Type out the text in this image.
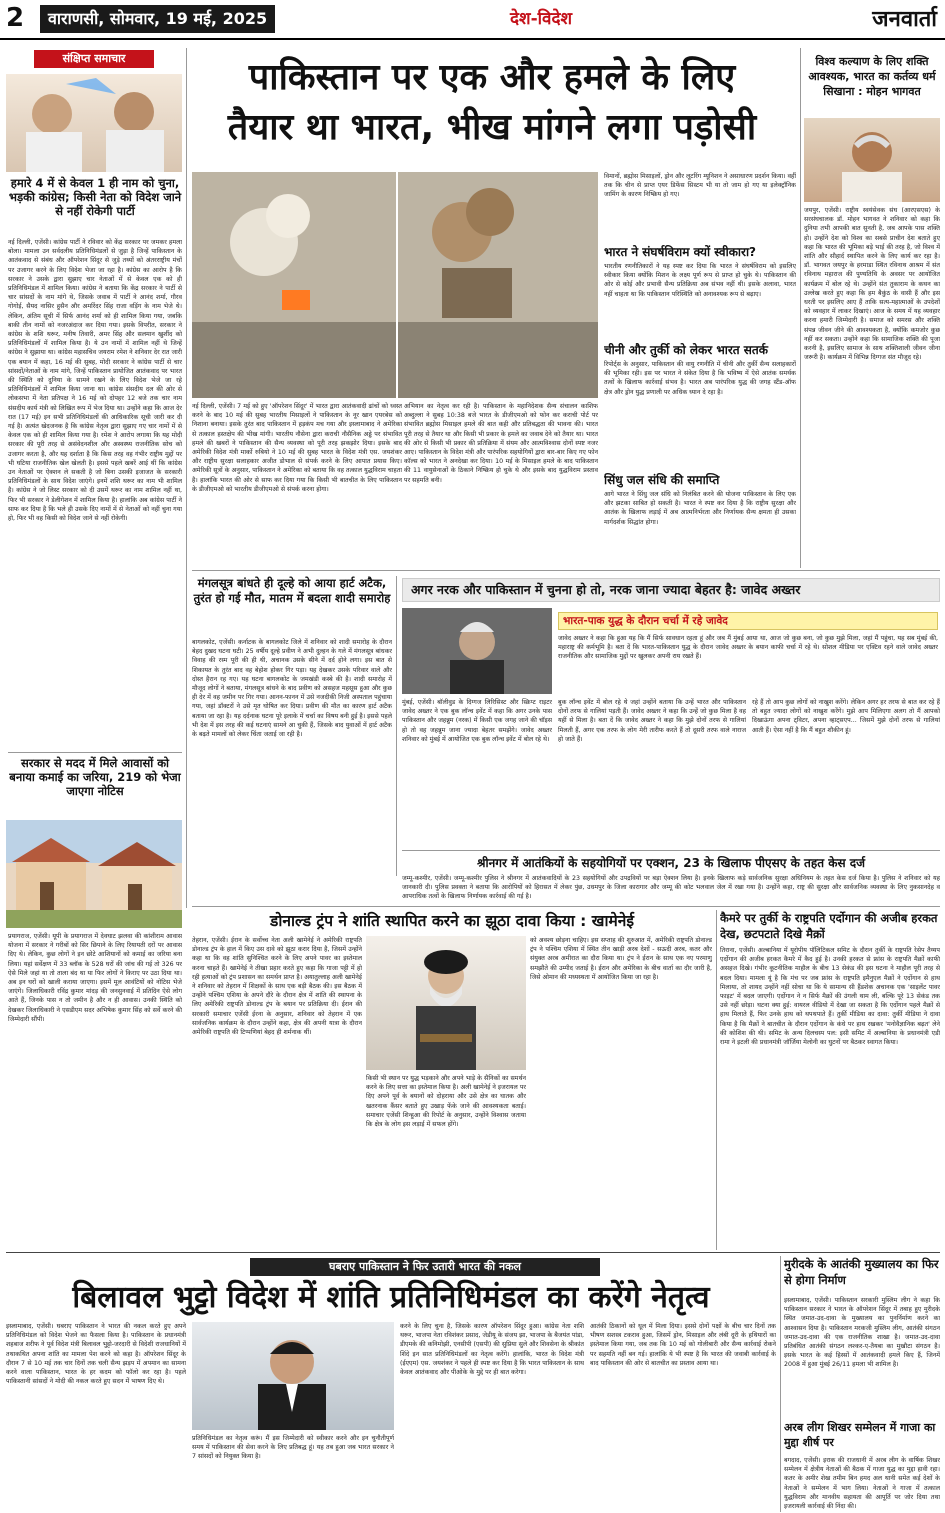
2	वाराणसी, सोमवार, 19 मई, 2025	देश-विदेश	जनवार्ता
संक्षिप्त समाचार
हमारे 4 में से केवल 1 ही नाम को चुना, भड़की कांग्रेस; किसी नेता को विदेश जाने से नहीं रोकेगी पार्टी
नई दिल्ली, एजेंसी। कांग्रेस पार्टी ने रविवार को केंद्र सरकार पर जमकर हमला बोला। मामला उन सर्वदलीय प्रतिनिधिमंडलों से जुड़ा है जिन्हें पाकिस्तान के आतंकवाद से संबंध और ऑपरेशन सिंदूर से जुड़े तथ्यों को अंतरराष्ट्रीय मंचों पर उजागर करने के लिए विदेश भेजा जा रहा है। कांग्रेस का आरोप है कि सरकार ने उसके द्वारा सुझाए चार नेताओं में से केवल एक को ही प्रतिनिधिमंडल में शामिल किया। कांग्रेस ने बताया कि केंद्र सरकार ने पार्टी से चार सांसदों के नाम मांगे थे, जिसके जवाब में पार्टी ने आनंद शर्मा, गौरव गोगोई, सैयद नासिर हुसैन और अमरिंदर सिंह राजा वड़िंग के नाम भेजे थे। लेकिन, अंतिम सूची में सिर्फ आनंद शर्मा को ही शामिल किया गया, जबकि बाकी तीन नामों को नजरअंदाज कर दिया गया। इसके विपरीत, सरकार ने कांग्रेस के शशि थरूर, मनीष तिवारी, अमर सिंह और सलमान खुर्शीद को प्रतिनिधिमंडलों में शामिल किया है। ये उन नामों में शामिल नहीं थे जिन्हें कांग्रेस ने सुझाया था। कांग्रेस महासचिव जयराम रमेश ने शनिवार देर रात जारी एक बयान में कहा, 16 मई की सुबह, मोदी सरकार ने कांग्रेस पार्टी से चार सांसदों/नेताओं के नाम मांगे, जिन्हें पाकिस्तान प्रायोजित आतंकवाद पर भारत की स्थिति को दुनिया के सामने रखने के लिए विदेश भेजे जा रहे प्रतिनिधिमंडलों में शामिल किया जाना था। कांग्रेस संसदीय दल की ओर से लोकसभा में नेता प्रतिपक्ष ने 16 मई को दोपहर 12 बजे तक चार नाम संसदीय कार्य मंत्री को लिखित रूप में भेज दिया था। उन्होंने कहा कि आज देर रात (17 मई) इन सभी प्रतिनिधिमंडलों की आधिकारिक सूची जारी कर दी गई है। अत्यंत खेदजनक है कि कांग्रेस नेतृत्व द्वारा सुझाए गए चार नामों में से केवल एक को ही शामिल किया गया है। रमेश ने आरोप लगाया कि यह मोदी सरकार की पूरी तरह से असंवेदनशील और अस्वस्थ्य राजनीतिक सोच को उजागर करता है, और यह दर्शाता है कि किस तरह वह गंभीर राष्ट्रीय मुद्दों पर भी घटिया राजनीतिक खेल खेलती है। इससे पहले खबरें आई थीं कि कांग्रेस उन नेताओं पर ऐक्शन ले सकती है जो बिना उसकी इजाजत के सरकारी प्रतिनिधिमंडलों के साथ विदेश जाएंगे। इनमें शशि थरूर का नाम भी शामिल है। कांग्रेस ने जो लिस्ट सरकार को दी उसमें थरूर का नाम शामिल नहीं था, फिर भी सरकार ने डेलीगेशन में शामिल किया है। हालांकि अब कांग्रेस पार्टी ने साफ कर दिया है कि भले ही उसके दिए नामों में से नेताओं को नहीं चुना गया हो, फिर भी वह किसी को विदेश जाने से नहीं रोकेगी।
सरकार से मदद में मिले आवासों को बनाया कमाई का जरिया, 219 को भेजा जाएगा नोटिस
प्रयागराज, एजेंसी। यूपी के प्रयागराज में देवघाट झलवा की कांशीराम आवास योजना में सरकार ने गरीबों को सिर छिपाने के लिए रियायती दरों पर आवास दिए थे। लेकिन, कुछ लोगों ने इन छोटे आशियानों को कमाई का जरिया बना लिया। यहां सर्वेक्षण में 33 ब्लॉक के 528 घरों की जांच की गई तो 326 पर ऐसे मिले जहां या तो ताला बंद था या फिर लोगों ने किराए पर उठा दिया था। अब इन घरों को खाली कराया जाएगा। इसमें मूल आवंटियों को नोटिस भेजे जाएंगे। जिलाधिकारी रविंद्र कुमार मांदड़ की जनसुनवाई में प्रतिदिन ऐसे लोग आते हैं, जिनके पास न तो जमीन है और न ही आवास। उनकी स्थिति को देखकर जिलाधिकारी ने एसडीएम सदर अभिषेक कुमार सिंह को सर्वे करने की जिम्मेदारी सौंपी।
पाकिस्तान पर एक और हमले के लिए
तैयार था भारत, भीख मांगने लगा पड़ोसी
नई दिल्ली, एजेंसी। 7 मई को हुए 'ऑपरेशन सिंदूर' में भारत द्वारा आतंकवादी ढांचों को ध्वस्त करने के बाद 10 मई की सुबह भारतीय मिसाइलों ने पाकिस्तान के नूर खान एयरबेस को निशाना बनाया। इसके तुरंत बाद पाकिस्तान में हड़कंप मच गया और इस्लामाबाद ने अमेरिका से तत्काल हस्तक्षेप की भीख मांगी। भारतीय नौसेना द्वारा कराची नौसैनिक अड्डे पर संभावित हमले की खबरों ने पाकिस्तान की सैन्य व्यवस्था को पूरी तरह झकझोर दिया। इसके बाद अमेरिकी विदेश मंत्री मार्को रुबियो ने 10 मई की सुबह भारत के विदेश मंत्री एस. जयशंकर और राष्ट्रीय सुरक्षा सलाहकार अजीत डोभाल से संपर्क करने के लिए आपात प्रयास किए। अमेरिकी सूत्रों के अनुसार, पाकिस्तान ने अमेरिका को बताया कि वह तत्काल युद्धविराम चाहता है। हालांकि भारत की ओर से साफ कर दिया गया कि किसी भी बातचीत के लिए पाकिस्तान के डीजीएमओ को भारतीय डीजीएमओ से संपर्क करना होगा।
अभियान का नेतृत्व कर रही है। पाकिस्तान के महानिदेशक सैन्य संचालन काशिफ अब्दुल्ला ने सुबह 10:38 बजे भारत के डीजीएमओ को फोन कर कराची पोर्ट पर संभावित ब्रह्मोस मिसाइल हमले की बात कही और प्रतिबद्धता की भावना की। भारत पूरी तरह से तैयार था और किसी भी प्रकार के हमले का जवाब देने को तैयार था। भारत की ओर से किसी भी प्रकार की प्रतिक्रिया में संयम और आत्मविश्वास दोनों स्पष्ट नजर आए। पाकिस्तान के विदेश मंत्री और पारंपरिक सहयोगियों द्वारा बार-बार किए गए फोन कॉल्स को भारत ने अनदेखा कर दिया। 10 मई के मिसाइल हमले के बाद पाकिस्तान की 11 वायुसेनाओं के ठिकाने निष्क्रिय हो चुके थे और इसके बाद युद्धविराम प्रस्ताव पर सहमति बनी।
विमानों, ब्रह्मोस मिसाइलों, ड्रोन और लूटरिंग म्यूनिशन ने असाधारण प्रदर्शन किया। वहीं तक कि चीन से प्राप्त एयर डिफेंस सिस्टम भी या तो जाम हो गए या इलेक्ट्रॉनिक जामिंग के कारण निष्क्रिय हो गए।
भारत ने संघर्षविराम क्यों स्वीकारा?
भारतीय रणनीतिकारों ने यह स्पष्ट कर दिया कि भारत ने संघर्षविराम को इसलिए स्वीकार किया क्योंकि मिशन के लक्ष्य पूर्ण रूप से प्राप्त हो चुके थे। पाकिस्तान की ओर से कोई और प्रभावी सैन्य प्रतिक्रिया अब संभव नहीं थी। इसके अलावा, भारत नहीं चाहता था कि पाकिस्तान परिस्थिति को अनावश्यक रूप से बढ़ाए।
चीनी और तुर्की को लेकर भारत सतर्क
रिपोर्ट्स के अनुसार, पाकिस्तान की वायु रणनीति में चीनी और तुर्की सैन्य सलाहकारों की भूमिका रही। इस पर भारत ने संकेत दिया है कि भविष्य में ऐसे आतंक समर्थक तत्वों के खिलाफ कार्रवाई संभव है। भारत अब पारंपरिक युद्ध की जगह स्टैंड-ऑफ क्षेत्र और ड्रोन युद्ध प्रणाली पर अधिक ध्यान दे रहा है।
सिंधु जल संधि की समाप्ति
आगे भारत ने सिंधु जल संधि को निलंबित करने की योजना पाकिस्तान के लिए एक और झटका साबित हो सकती है। भारत ने स्पष्ट कर दिया है कि राष्ट्रीय सुरक्षा और आतंक के खिलाफ लड़ाई में अब आत्मनिर्भरता और निर्णायक सैन्य क्षमता ही उसका मार्गदर्शक सिद्धांत होगा।
विश्व कल्याण के लिए शक्ति आवश्यक, भारत का कर्तव्य धर्म सिखाना : मोहन भागवत
जयपुर, एजेंसी। राष्ट्रीय स्वयंसेवक संघ (आरएसएस) के सरसंघचालक डॉ. मोहन भागवत ने शनिवार को कहा कि दुनिया तभी आपकी बात सुनती है, जब आपके पास शक्ति हो। उन्होंने देश को विश्व का सबसे प्राचीन देश बताते हुए कहा कि भारत की भूमिका बड़े भाई की तरह है, जो विश्व में शांति और सौहार्द स्थापित करने के लिए कार्य कर रहा है। डॉ. भागवत जयपुर के हरमाडा स्थित रविनाथ आश्रम में संत रविनाथ महाराज की पुण्यतिथि के अवसर पर आयोजित कार्यक्रम में बोल रहे थे। उन्होंने संत तुकाराम के कथन का उल्लेख करते हुए कहा कि हम बैकुंठ के वासी हैं और इस धरती पर इसलिए आए हैं ताकि सत्य-महात्माओं के उपदेशों को व्यवहार में लाकर दिखाएं। आज के समय में यह व्यवहार करना हमारी जिम्मेदारी है। समाज को समरस और शक्ति संपन्न जीवन जीने की आवश्यकता है, क्योंकि कमजोर कुछ नहीं कर सकता। उन्होंने कहा कि सामाजिक शक्ति की पूजा करनी है, इसलिए सामाज के साथ शक्तिशाली जीवन जीना जरूरी है। कार्यक्रम में विभिन्न दिग्गज संत मौजूद रहे।
मंगलसूत्र बांधते ही दूल्हे को आया हार्ट अटैक, तुरंत हो गई मौत, मातम में बदला शादी समारोह
बागलकोट, एजेंसी। कर्नाटक के बागलकोट जिले में शनिवार को शादी समारोह के दौरान बेहद दुखद घटना घटी। 25 वर्षीय दूल्हे प्रवीण ने अभी दुल्हन के गले में मंगलसूत्र बांधकर विवाह की रस्म पूरी की ही थी, अचानक उसके सीने में दर्द होने लगा। इस बात से शिकायत के तुरंत बाद वह बेहोश होकर गिर पड़ा। यह देखकर उसके परिवार वाले और दोस्त हैरान रह गए। यह घटना बागलकोट के जमखंडी कस्बे की है। शादी समारोह में मौजूद लोगों ने बताया, मंगलसूत्र बांधने के बाद प्रवीण को असहज महसूस हुआ और कुछ ही देर में वह जमीन पर गिर गया। आनन-फानन में उसे नजदीकी निजी अस्पताल पहुंचाया गया, जहां डॉक्टरों ने उसे मृत घोषित कर दिया। प्रवीण की मौत का कारण हार्ट अटैक बताया जा रहा है। यह दर्दनाक घटना पूरे इलाके में चर्चा का विषय बनी हुई है। इससे पहले भी देश में इस तरह की कई घटनाएं सामने आ चुकी हैं, जिसके बाद युवाओं में हार्ट अटैक के बढ़ते मामलों को लेकर चिंता जताई जा रही है।
अगर नरक और पाकिस्तान में चुनना हो तो, नरक जाना ज्यादा बेहतर है: जावेद अख्तर
भारत-पाक युद्ध के दौरान चर्चा में रहे जावेद
जावेद अख्तर ने कहा कि हुआ यह कि मैं सिर्फ सावधान रहता हूं और जब मैं मुंबई आया था, आज जो कुछ बना, जो कुछ मुझे मिला, जहां मैं पहुंचा, यह सब मुंबई की, महाराष्ट्र की कर्मभूमि है। बता दें कि भारत-पाकिस्तान युद्ध के दौरान जावेद अख्तर के बयान काफी चर्चा में रहे थे। सोशल मीडिया पर एक्टिव रहने वाले जावेद अख्तर राजनीतिक और सामाजिक मुद्दों पर खुलकर अपनी राय रखते हैं।
मुंबई, एजेंसी। बॉलीवुड के दिग्गज लिरिसिस्ट और स्क्रिप्ट राइटर जावेद अख्तर ने एक बुक लॉन्च इवेंट में कहा कि अगर उनके पास पाकिस्तान और जहन्नुम (नरक) में किसी एक जगह जाने की चॉइस हो तो वह जहन्नुम जाना ज्यादा बेहतर समझेंगे। जावेद अख्तर शनिवार को मुंबई में आयोजित एक बुक लॉन्च इवेंट में बोल रहे थे।
बुक लॉन्च इवेंट में बोल रहे थे जहां उन्होंने बताया कि उन्हें भारत और पाकिस्तान दोनों तरफ से गालियां पड़ती हैं। जावेद अख्तर ने कहा कि उन्हें जो कुछ मिला है वह यहीं से मिला है। बता दें कि जावेद अख्तर ने कहा कि मुझे दोनों तरफ से गालियां मिलती हैं, अगर एक तरफ के लोग मेरी तारीफ करते हैं तो दूसरी तरफ वाले नाराज हो जाते हैं।
रहे हैं तो आप कुछ लोगों को नाखुश करेंगे। लेकिन अगर हर तरफ से बात कर रहे हैं तो बहुत ज्यादा लोगों को नाखुश करेंगे। मुझे आप मिलिएगा अलग तो मैं आपको दिखाऊंगा अपना ट्विटर, अपना व्हाट्सएप... जिसमें मुझे दोनों तरफ से गालियां आती हैं। ऐसा नहीं है कि मैं बहुत शौकीन हूं।
श्रीनगर में आतंकियों के सहयोगियों पर एक्शन, 23 के खिलाफ पीएसए के तहत केस दर्ज
जम्मू-कश्मीर, एजेंसी। जम्मू-कश्मीर पुलिस ने श्रीनगर में आतंकवादियों के 23 सहयोगियों और उपद्रवियों पर बड़ा ऐक्शन लिया है। इनके खिलाफ कड़े सार्वजनिक सुरक्षा अधिनियम के तहत केस दर्ज किया है। पुलिस ने शनिवार को यह जानकारी दी। पुलिस प्रवक्ता ने बताया कि आरोपियों को हिरासत में लेकर पुंछ, उधमपुर के जिला कारागार और जम्मू की कोट भलवाल जेल में रखा गया है। उन्होंने कहा, राष्ट्र की सुरक्षा और सार्वजनिक व्यवस्था के लिए नुकसानदेह व आपराधिक तत्वों के खिलाफ निर्णायक कार्रवाई की गई है।
डोनाल्ड ट्रंप ने शांति स्थापित करने का झूठा दावा किया : खामेनेई
तेहरान, एजेंसी। ईरान के सर्वोच्च नेता अली खामेनेई ने अमेरिकी राष्ट्रपति डोनाल्ड ट्रंप के हाल में किए उस दावे को झूठा करार दिया है, जिसमें उन्होंने कहा था कि वह शांति सुनिश्चित करने के लिए अपने पावर का इस्तेमाल करना चाहते हैं। खामेनेई ने तीखा प्रहार करते हुए कहा कि गाजा पट्टी में हो रही हत्याओं को ट्रंप प्रशासन का समर्थन प्राप्त है। अयातुल्लाह अली खामेनेई ने शनिवार को तेहरान में शिक्षकों के साथ एक बड़ी बैठक की। इस बैठक में उन्होंने पश्चिम एशिया के अपने दौरे के दौरान क्षेत्र में शांति की स्थापना के लिए अमेरिकी राष्ट्रपति डोनाल्ड ट्रंप के बयान पर प्रतिक्रिया दी। ईरान की सरकारी समाचार एजेंसी ईरना के अनुसार, शनिवार को तेहरान में एक सार्वजनिक कार्यक्रम के दौरान उन्होंने कहा, क्षेत्र की अपनी यात्रा के दौरान अमेरिकी राष्ट्रपति की टिप्पणियां बेहद ही शर्मनाक थीं।
किसी भी स्थान पर युद्ध भड़काने और अपने भाड़े के सैनिकों का समर्थन करने के लिए सत्ता का इस्तेमाल किया है। अली खामेनेई ने इजरायल पर दिए अपने पूर्व के बयानों को दोहराया और उसे क्षेत्र का घातक और खतरनाक कैंसर बताते हुए उखाड़ फेंके जाने की आवश्यकता बताई। समाचार एजेंसी शिन्हुआ की रिपोर्ट के अनुसार, उन्होंने विश्वास जताया कि क्षेत्र के लोग इस लड़ाई में सफल होंगे।
को अवश्य छोड़ना चाहिए। इस सप्ताह की शुरुआत में, अमेरिकी राष्ट्रपति डोनाल्ड ट्रंप ने पश्चिम एशिया में स्थित तीन खाड़ी अरब देशों - सऊदी अरब, कतर और संयुक्त अरब अमीरात का दौरा किया था। ट्रंप ने ईरान के साथ एक नए परमाणु समझौते की उम्मीद जताई है। ईरान और अमेरिका के बीच वार्ता का दौर जारी है, जिसे ओमान की मध्यस्थता में आयोजित किया जा रहा है।
कैमरे पर तुर्की के राष्ट्रपति एर्दोगान की अजीब हरकत देख, छटपटाते दिखे मैक्रों
तिराना, एजेंसी। अल्बानिया में यूरोपीय पॉलिटिकल समिट के दौरान तुर्की के राष्ट्रपति रेसेप तैय्यप एर्दोगान की अजीब हरकत कैमरे में कैद हुई है। उनकी हरकत से फ्रांस के राष्ट्रपति मैक्रों काफी असहज दिखे। गंभीर कूटनीतिक माहौल के बीच 13 सेकंड की इस घटना ने माहौल पूरी तरह से बदल दिया। मामला यूं है कि मंच पर जब फ्रांस के राष्ट्रपति इमैनुएल मैक्रों ने एर्दोगान से हाथ मिलाया, तो शायद उन्होंने नहीं सोचा था कि ये सामान्य सी हैंडशेक अचानक एक 'साइलेंट पावर फाइट' में बदल जाएगी। एर्दोगान ने न सिर्फ मैक्रों की उंगली थाम ली, बल्कि पूरे 13 सेकंड तक उसे नहीं छोड़ा। घटना क्या हुई: वायरल वीडियो में देखा जा सकता है कि एर्दोगान पहले मैक्रों से हाथ मिलाते हैं, फिर उनके हाथ को थपथपाते हैं। तुर्की मीडिया का दावा: तुर्की मीडिया ने दावा किया है कि मैक्रों ने बातचीत के दौरान एर्दोगान के कंधे पर हाथ रखकर 'मनोवैज्ञानिक बढ़त' लेने की कोशिश की थी। समिट के अन्य दिलचस्प पल: इसी समिट में अल्बानिया के प्रधानमंत्री एडी रामा ने इटली की प्रधानमंत्री जॉर्जिया मेलोनी का घुटनों पर बैठकर स्वागत किया।
घबराए पाकिस्तान ने फिर उतारी भारत की नकल
बिलावल भुट्टो विदेश में शांति प्रतिनिधिमंडल का करेंगे नेतृत्व
इस्लामाबाद, एजेंसी। घबराए पाकिस्तान ने भारत की नकल करते हुए अपने प्रतिनिधिमंडल को विदेश भेजने का फैसला किया है। पाकिस्तान के प्रधानमंत्री शहबाज शरीफ ने पूर्व विदेश मंत्री बिलावल भुट्टो-जरदारी से विदेशी राजधानियों में तथाकथित अपना शांति का मामला पेश करने को कहा है। ऑपरेशन सिंदूर के दौरान 7 से 10 मई तक चार दिनों तक चली सैन्य झड़प में अपमान का सामना करने वाला पाकिस्तान, भारत के हर कदम को फॉलो कर रहा है। पहले पाकिस्तानी सांसदों ने मोदी की नकल करते हुए सदन में भाषण दिए थे।
प्रतिनिधिमंडल का नेतृत्व करूं। मैं इस जिम्मेदारी को स्वीकार करने और इन चुनौतीपूर्ण समय में पाकिस्तान की सेवा करने के लिए प्रतिबद्ध हूं। यह तब हुआ जब भारत सरकार ने 7 सांसदों को नियुक्त किया है।
करने के लिए चुना है, जिसके कारण ऑपरेशन सिंदूर हुआ। कांग्रेस नेता शशि थरूर, भाजपा नेता रविशंकर प्रसाद, जेडीयू के संजय झा, भाजपा के बैजयंत पांडा, डीएमके की कनिमोझी, एनसीपी (एसपी) की सुप्रिया सुले और शिवसेना के श्रीकांत शिंदे इन सात प्रतिनिधिमंडलों का नेतृत्व करेंगे। हालांकि, भारत के विदेश मंत्री (ईएएम) एस. जयशंकर ने पहले ही स्पष्ट कर दिया है कि भारत पाकिस्तान के साथ केवल आतंकवाद और पीओके के मुद्दे पर ही बात करेगा।
आतंकी ठिकानों को धूल में मिला दिया। इससे दोनों पक्षों के बीच चार दिनों तक भीषण सशस्त्र टकराव हुआ, जिसमें ड्रोन, मिसाइल और लंबी दूरी के हथियारों का इस्तेमाल किया गया, जब तक कि 10 मई को गोलीबारी और सैन्य कार्रवाई रोकने पर सहमति नहीं बन गई। हालांकि ये भी स्पष्ट है कि भारत की जवाबी कार्रवाई के बाद पाकिस्तान की ओर से बातचीत का प्रस्ताव आया था।
मुरीदके के आतंकी मुख्यालय का फिर से होगा निर्माण
इस्लामाबाद, एजेंसी। पाकिस्तान सरकारी मुस्लिम लीग ने कहा कि पाकिस्तान सरकार ने भारत के ऑपरेशन सिंदूर में तबाह हुए मुरीदके स्थित जमात-उद-दावा के मुख्यालय का पुनर्निर्माण करने का आश्वासन दिया है। पाकिस्तान मरकजी मुस्लिम लीग, आतंकी संगठन जमात-उद-दावा की एक राजनीतिक शाखा है। जमात-उद-दावा प्रतिबंधित आतंकी संगठन लश्कर-ए-तैयबा का मुखौटा संगठन है। इसके भारत के कई हिस्सों में आतंकवादी हमले किए हैं, जिनमें 2008 में हुआ मुंबई 26/11 हमला भी शामिल है।
अरब लीग शिखर सम्मेलन में गाजा का मुद्दा शीर्ष पर
बगदाद, एजेंसी। इराक की राजधानी में अरब लीग के वार्षिक शिखर सम्मेलन में क्षेत्रीय नेताओं की बैठक में गाजा युद्ध का मुद्दा हावी रहा। कतर के अमीर शेख तमीम बिन हमद अल थानी समेत कई देशों के नेताओं ने सम्मेलन में भाग लिया। नेताओं ने गाजा में तत्काल युद्धविराम और मानवीय सहायता की आपूर्ति पर जोर दिया तथा इजरायली कार्रवाई की निंदा की।
